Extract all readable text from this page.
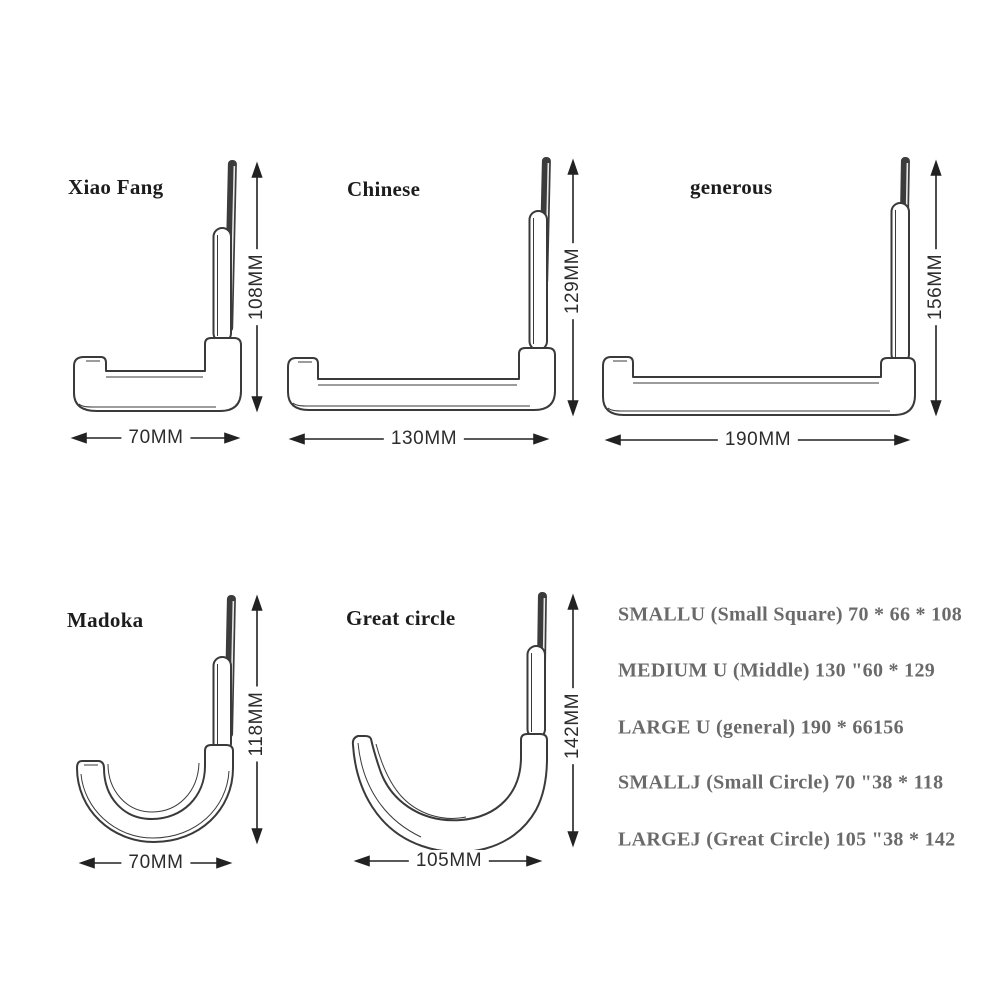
Xiao Fang	Chinese	generous
Madoka	Great circle
108MM	129MM	156MM
118MM	142MM
70MM	130MM	190MM
70MM	105MM
SMALLU (Small Square) 70 * 66 * 108
MEDIUM U (Middle) 130 "60 * 129
LARGE U (general) 190 * 66156
SMALLJ (Small Circle) 70 "38 * 118
LARGEJ (Great Circle) 105 "38 * 142
